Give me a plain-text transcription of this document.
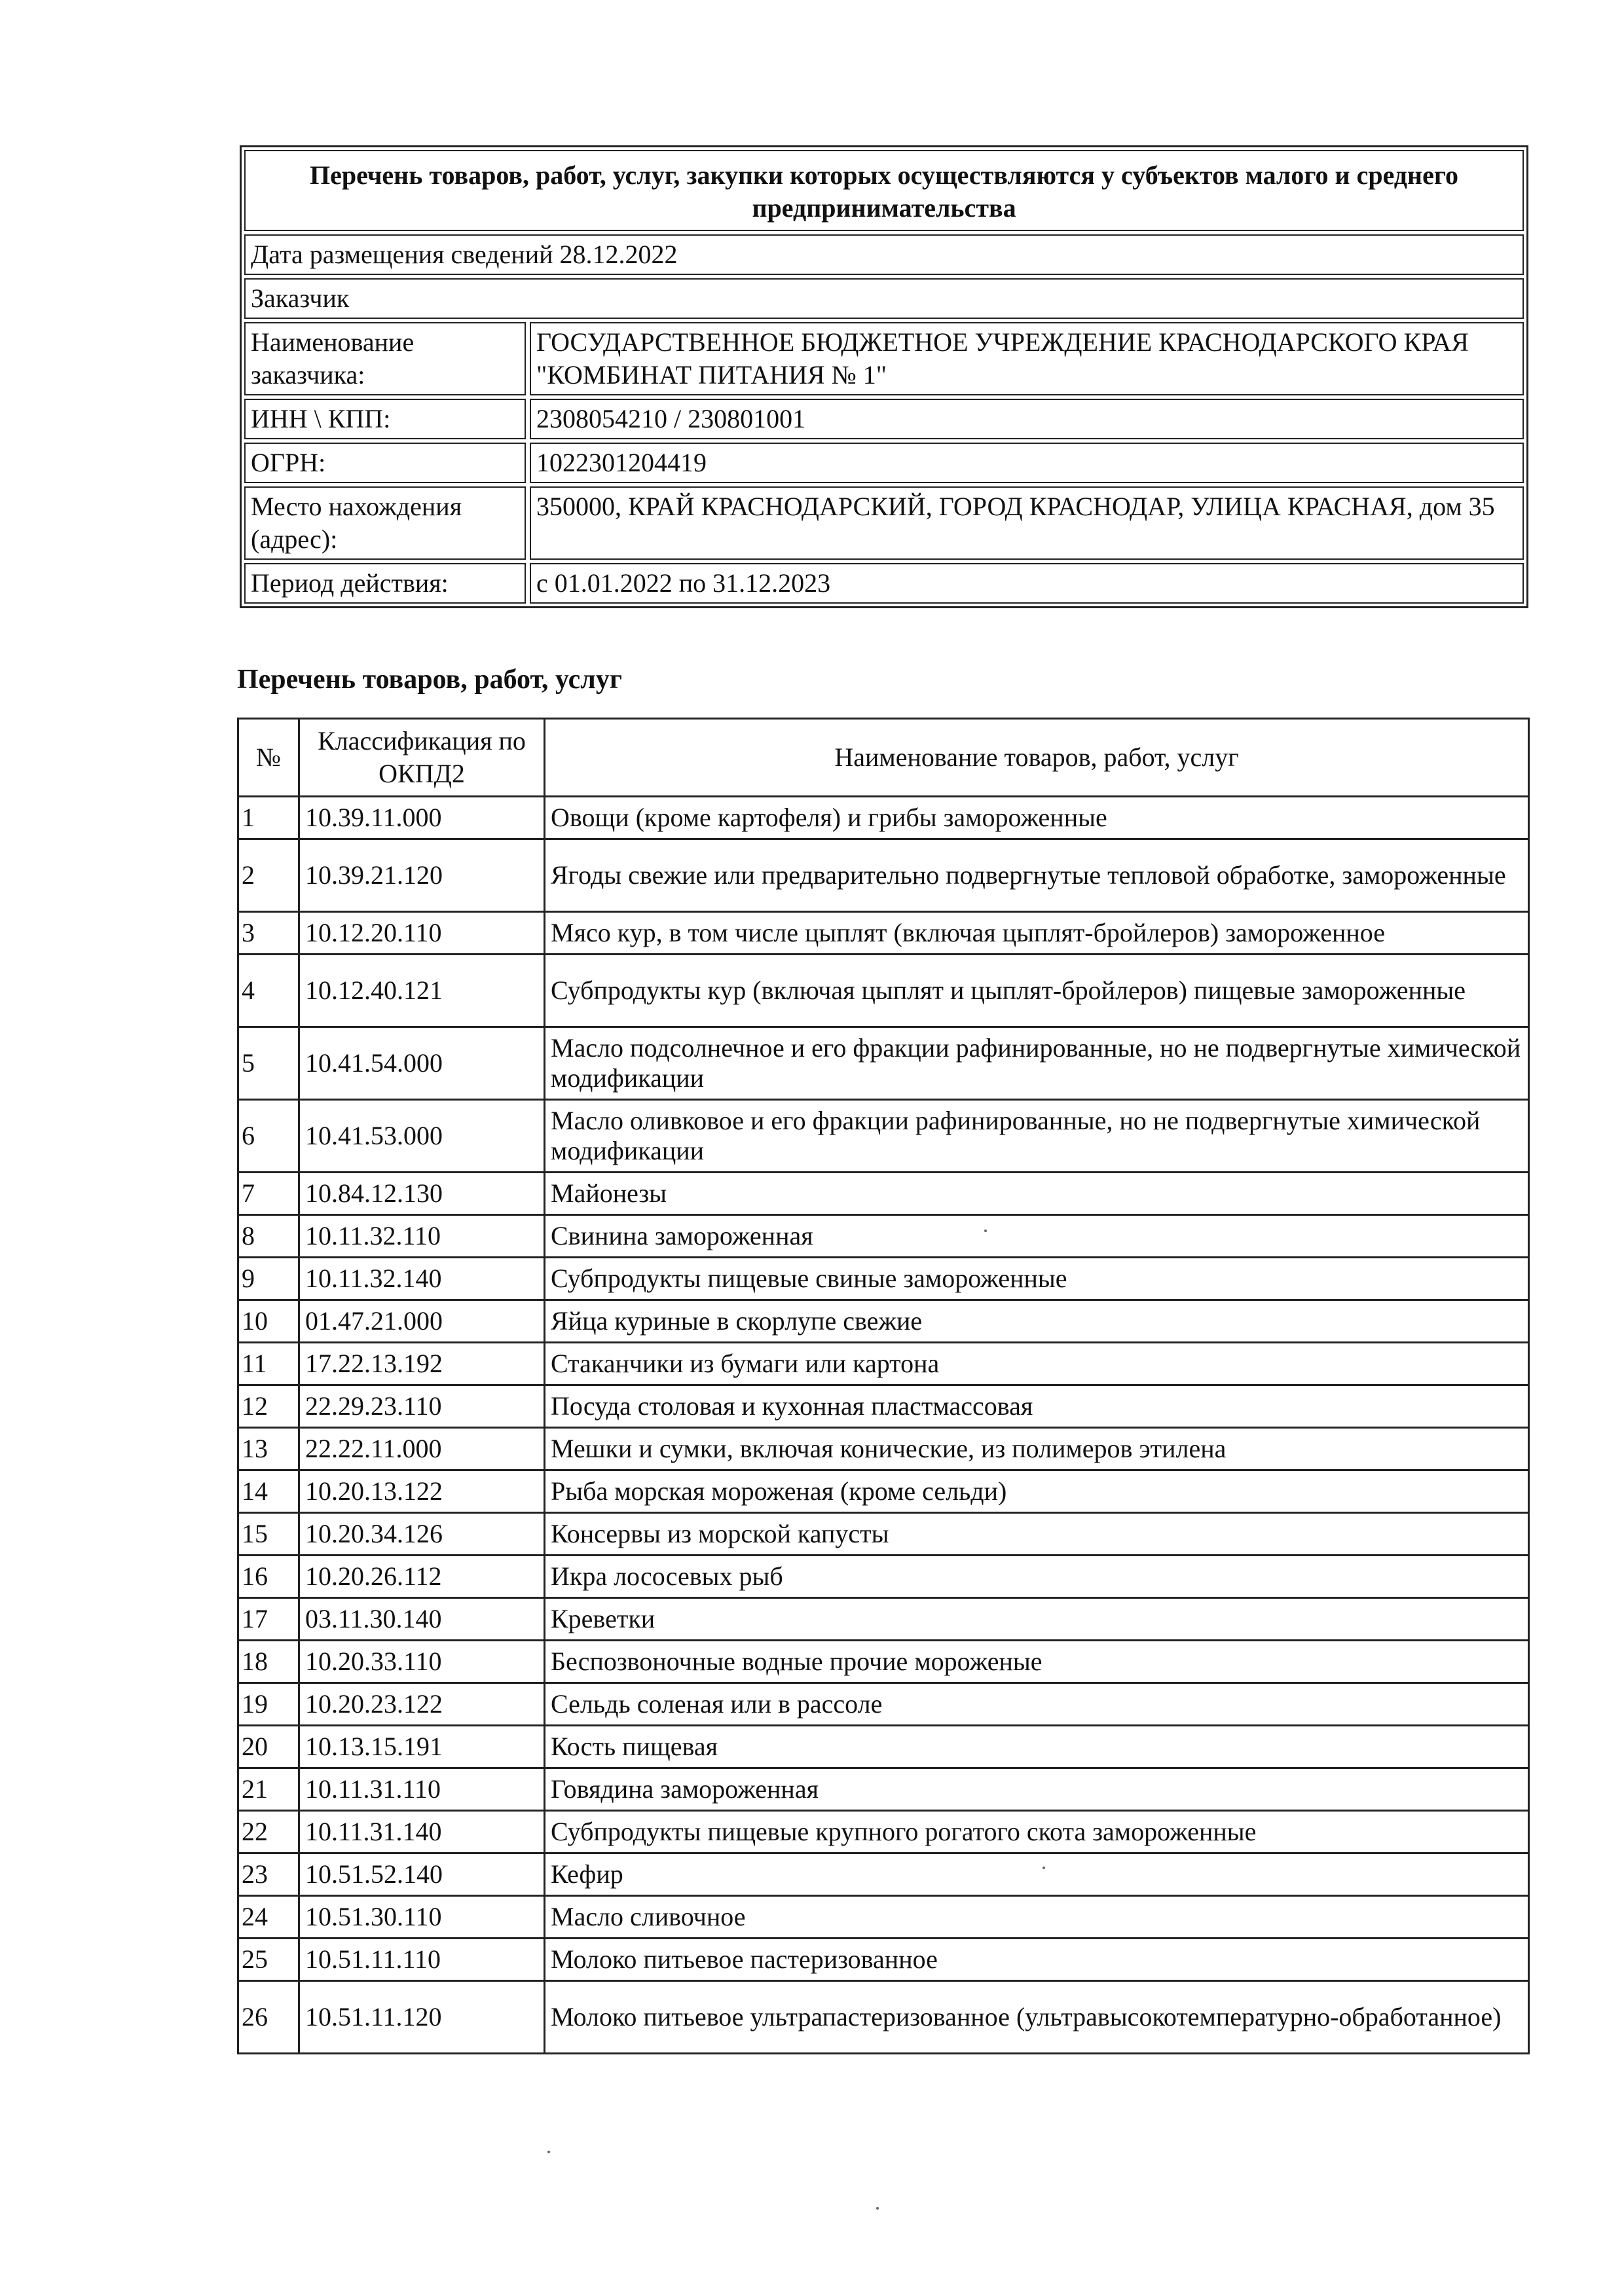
Перечень товаров, работ, услуг, закупки которых осуществляются у субъектов малого и среднего предпринимательства
Дата размещения сведений 28.12.2022
Заказчик
Наименование заказчика:
ГОСУДАРСТВЕННОЕ БЮДЖЕТНОЕ УЧРЕЖДЕНИЕ КРАСНОДАРСКОГО КРАЯ "КОМБИНАТ ПИТАНИЯ № 1"
ИНН \ КПП:	2308054210 / 230801001
ОГРН:	1022301204419
Место нахождения (адрес):
350000, КРАЙ КРАСНОДАРСКИЙ, ГОРОД КРАСНОДАР, УЛИЦА КРАСНАЯ, дом 35
Период действия:	с 01.01.2022 по 31.12.2023
Перечень товаров, работ, услуг
№	Классификация по ОКПД2	Наименование товаров, работ, услуг
1	10.39.11.000	Овощи (кроме картофеля) и грибы замороженные
2	10.39.21.120	Ягоды свежие или предварительно подвергнутые тепловой обработке, замороженные
3	10.12.20.110	Мясо кур, в том числе цыплят (включая цыплят-бройлеров) замороженное
4	10.12.40.121	Субпродукты кур (включая цыплят и цыплят-бройлеров) пищевые замороженные
5	10.41.54.000	Масло подсолнечное и его фракции рафинированные, но не подвергнутые химической модификации
6	10.41.53.000	Масло оливковое и его фракции рафинированные, но не подвергнутые химической модификации
7	10.84.12.130	Майонезы
8	10.11.32.110	Свинина замороженная
9	10.11.32.140	Субпродукты пищевые свиные замороженные
10	01.47.21.000	Яйца куриные в скорлупе свежие
11	17.22.13.192	Стаканчики из бумаги или картона
12	22.29.23.110	Посуда столовая и кухонная пластмассовая
13	22.22.11.000	Мешки и сумки, включая конические, из полимеров этилена
14	10.20.13.122	Рыба морская мороженая (кроме сельди)
15	10.20.34.126	Консервы из морской капусты
16	10.20.26.112	Икра лососевых рыб
17	03.11.30.140	Креветки
18	10.20.33.110	Беспозвоночные водные прочие мороженые
19	10.20.23.122	Сельдь соленая или в рассоле
20	10.13.15.191	Кость пищевая
21	10.11.31.110	Говядина замороженная
22	10.11.31.140	Субпродукты пищевые крупного рогатого скота замороженные
23	10.51.52.140	Кефир
24	10.51.30.110	Масло сливочное
25	10.51.11.110	Молоко питьевое пастеризованное
26	10.51.11.120	Молоко питьевое ультрапастеризованное (ультравысокотемпературно-обработанное)
